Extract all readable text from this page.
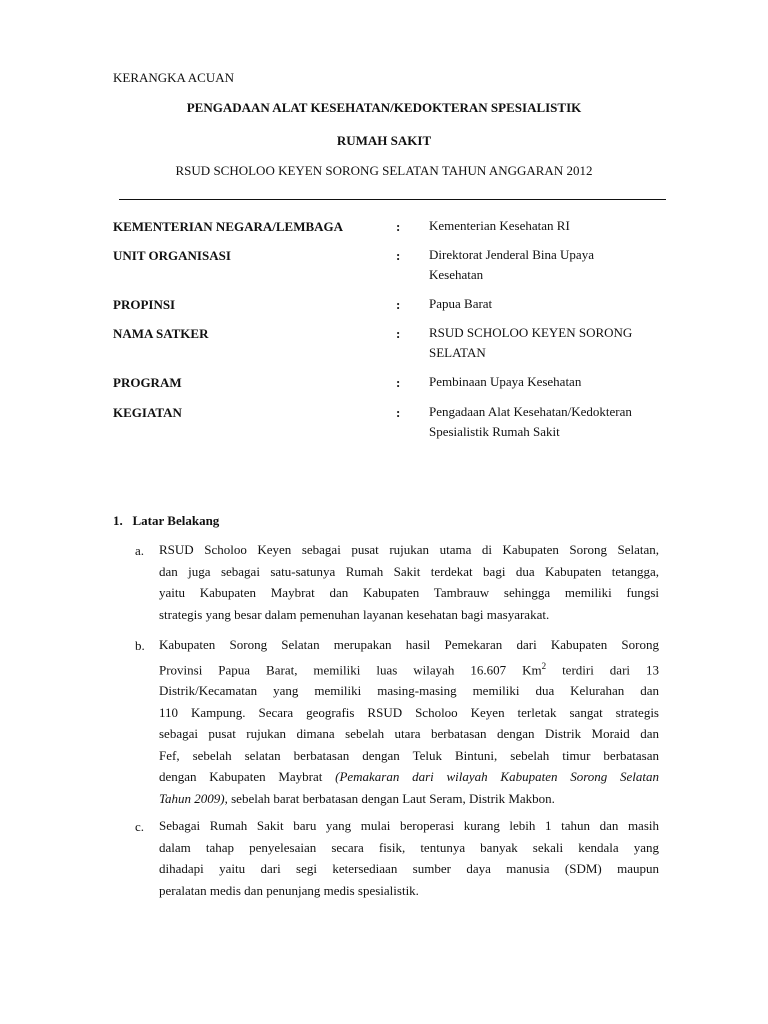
KERANGKA ACUAN
PENGADAAN ALAT KESEHATAN/KEDOKTERAN SPESIALISTIK
RUMAH SAKIT
RSUD SCHOLOO KEYEN SORONG SELATAN TAHUN ANGGARAN 2012
KEMENTERIAN NEGARA/LEMBAGA	: Kementerian Kesehatan RI
UNIT ORGANISASI	: Direktorat Jenderal Bina Upaya
Kesehatan
PROPINSI	: Papua Barat
NAMA SATKER	: RSUD SCHOLOO KEYEN SORONG
SELATAN
PROGRAM	: Pembinaan Upaya Kesehatan
KEGIATAN	: Pengadaan Alat Kesehatan/Kedokteran
Spesialistik Rumah Sakit
1.   Latar Belakang
a. RSUD Scholoo Keyen sebagai pusat rujukan utama di Kabupaten Sorong Selatan,
dan juga sebagai satu-satunya Rumah Sakit terdekat bagi dua Kabupaten tetangga,
yaitu Kabupaten Maybrat dan Kabupaten Tambrauw sehingga memiliki fungsi
strategis yang besar dalam pemenuhan layanan kesehatan bagi masyarakat.
b. Kabupaten Sorong Selatan merupakan hasil Pemekaran dari Kabupaten Sorong
Provinsi Papua Barat, memiliki luas wilayah 16.607 Km$^2$ terdiri dari 13
Distrik/Kecamatan yang memiliki masing-masing memiliki dua Kelurahan dan
110 Kampung. Secara geografis RSUD Scholoo Keyen terletak sangat strategis
sebagai pusat rujukan dimana sebelah utara berbatasan dengan Distrik Moraid dan
Fef, sebelah selatan berbatasan dengan Teluk Bintuni, sebelah timur berbatasan
dengan Kabupaten Maybrat (Pemakaran dari wilayah Kabupaten Sorong Selatan
Tahun 2009), sebelah barat berbatasan dengan Laut Seram, Distrik Makbon.
c. Sebagai Rumah Sakit baru yang mulai beroperasi kurang lebih 1 tahun dan masih
dalam tahap penyelesaian secara fisik, tentunya banyak sekali kendala yang
dihadapi yaitu dari segi ketersediaan sumber daya manusia (SDM) maupun
peralatan medis dan penunjang medis spesialistik.
